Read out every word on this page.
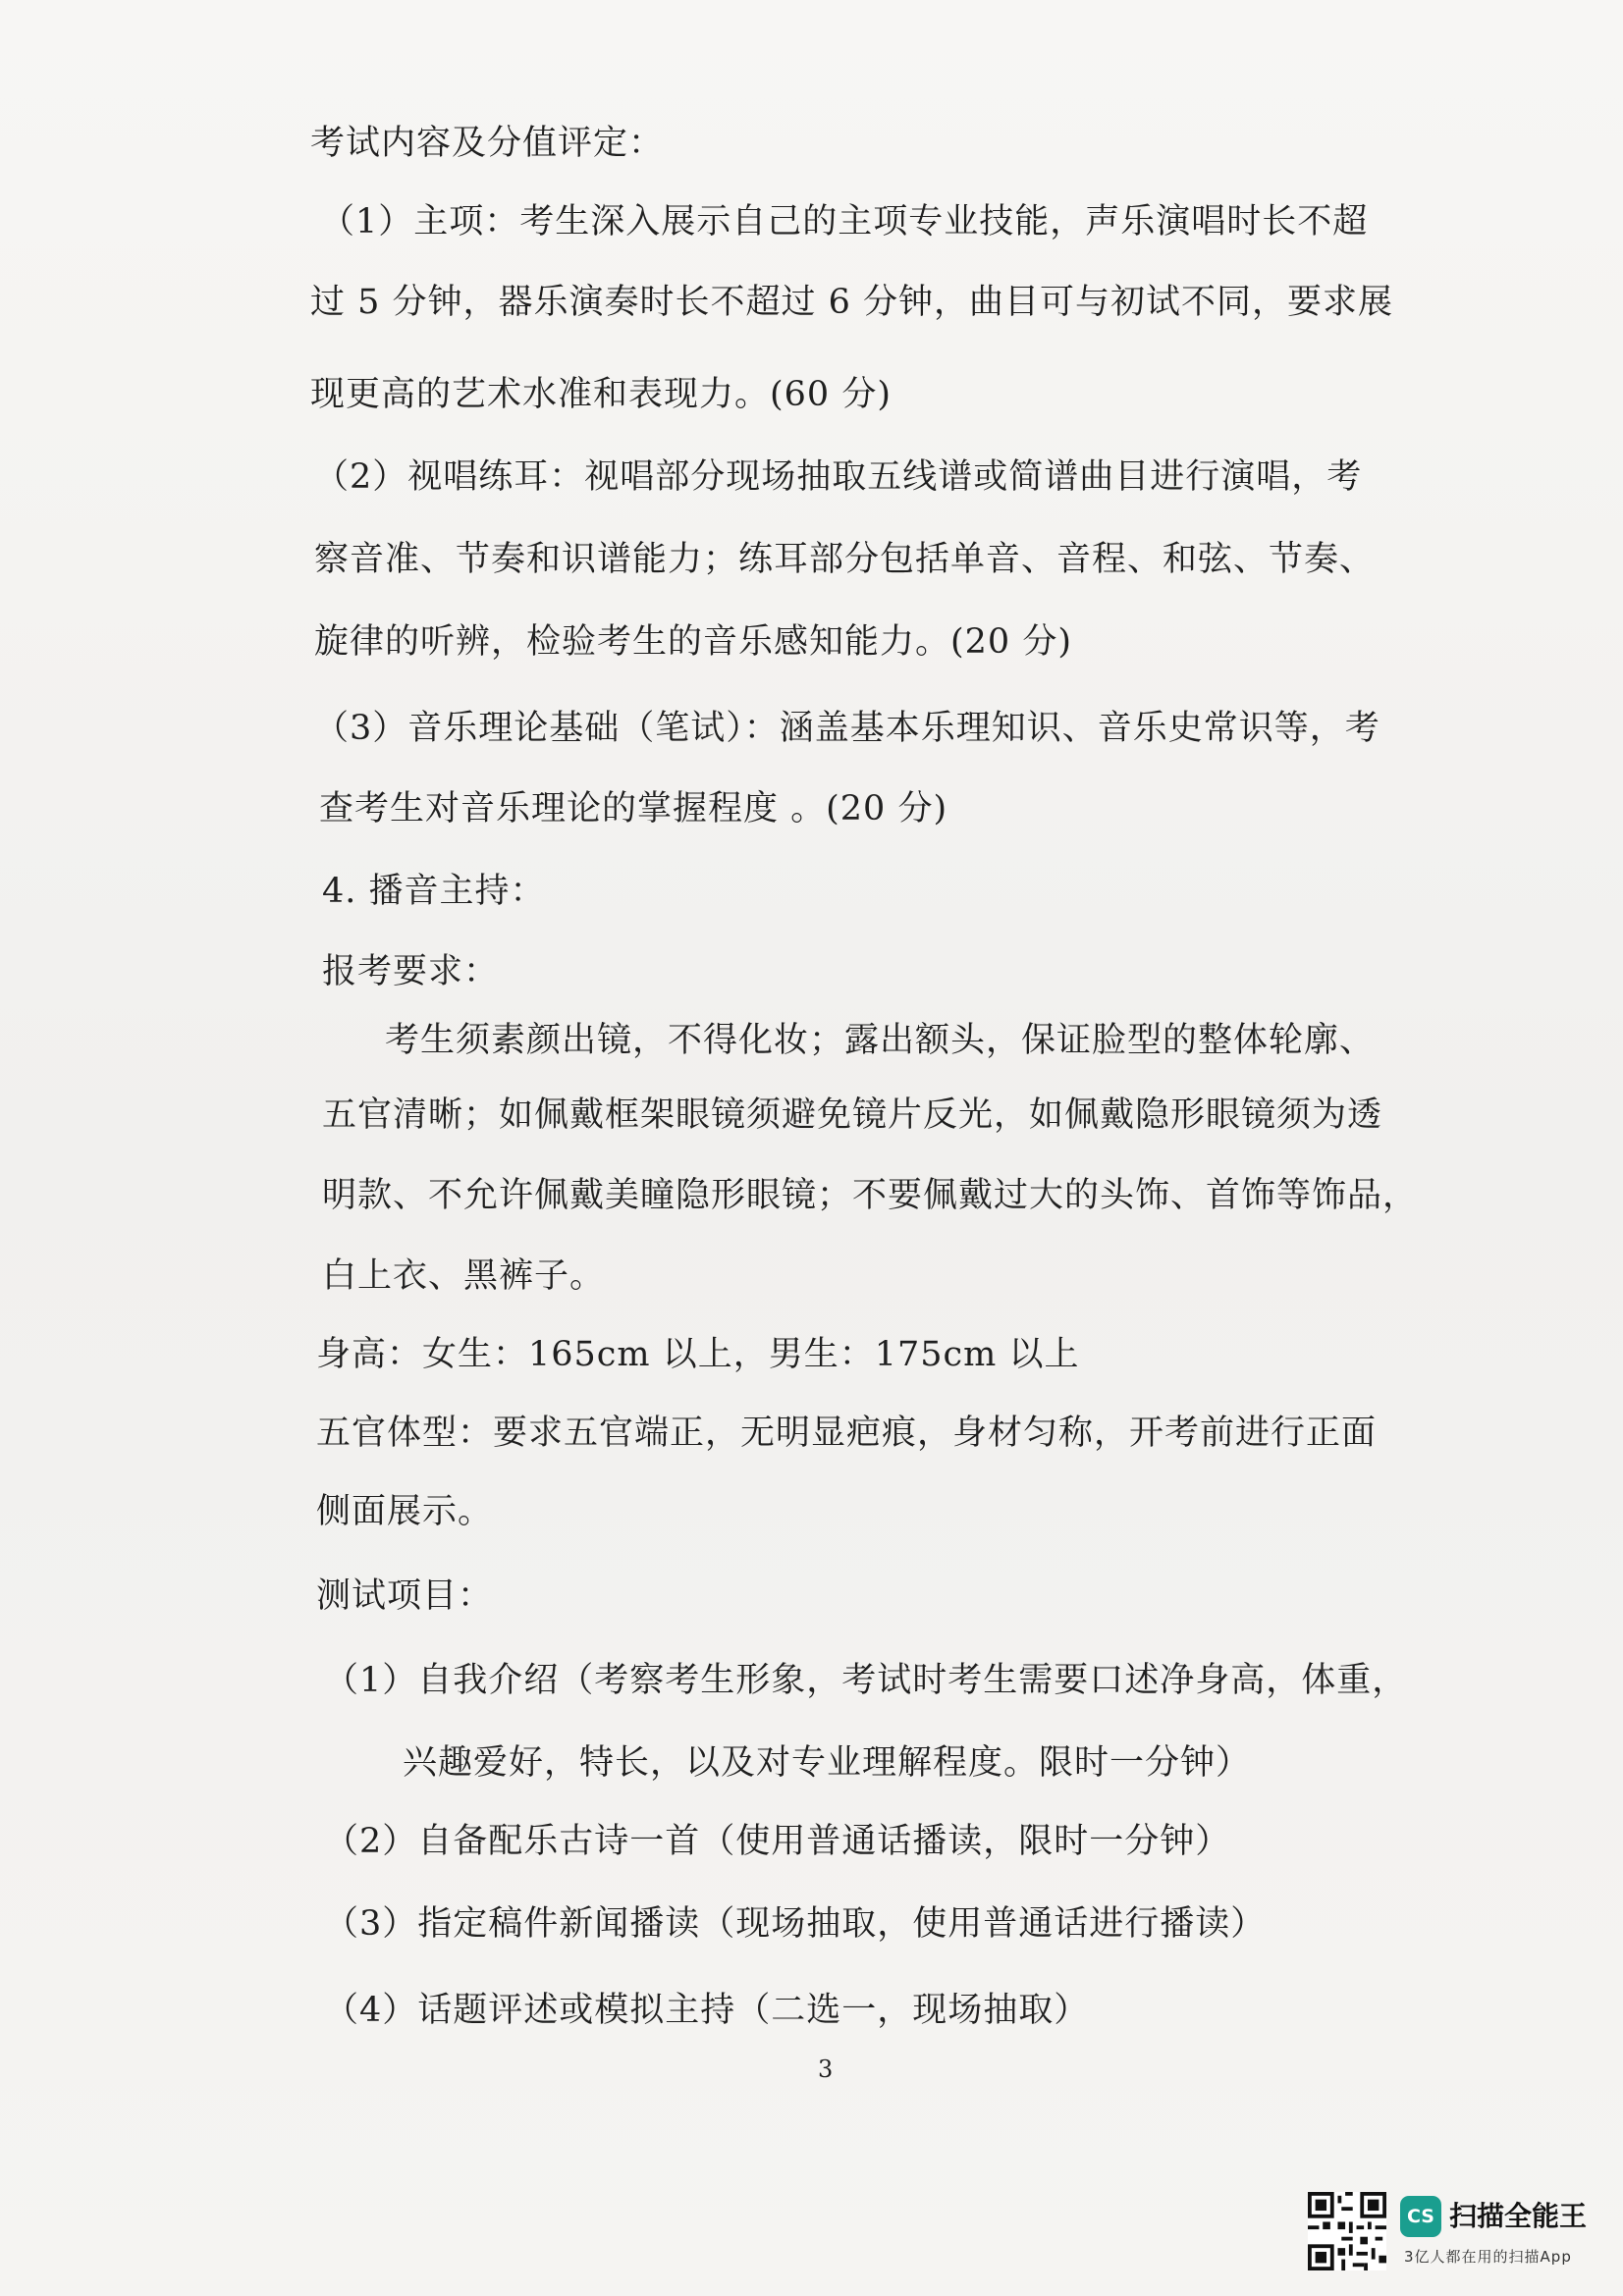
考试内容及分值评定：
（1）主项：考生深入展示自己的主项专业技能，声乐演唱时长不超
过 5 分钟，器乐演奏时长不超过 6 分钟，曲目可与初试不同，要求展
现更高的艺术水准和表现力。(60 分)
（2）视唱练耳：视唱部分现场抽取五线谱或简谱曲目进行演唱，考
察音准、节奏和识谱能力；练耳部分包括单音、音程、和弦、节奏、
旋律的听辨，检验考生的音乐感知能力。(20 分)
（3）音乐理论基础（笔试）：涵盖基本乐理知识、音乐史常识等，考
查考生对音乐理论的掌握程度 。(20 分)
4. 播音主持：
报考要求：
考生须素颜出镜，不得化妆；露出额头，保证脸型的整体轮廓、
五官清晰；如佩戴框架眼镜须避免镜片反光，如佩戴隐形眼镜须为透
明款、不允许佩戴美瞳隐形眼镜；不要佩戴过大的头饰、首饰等饰品，
白上衣、黑裤子。
身高：女生：165cm 以上，男生：175cm 以上
五官体型：要求五官端正，无明显疤痕，身材匀称，开考前进行正面
侧面展示。
测试项目：
（1）自我介绍（考察考生形象，考试时考生需要口述净身高，体重，
兴趣爱好，特长，以及对专业理解程度。限时一分钟）
（2）自备配乐古诗一首（使用普通话播读，限时一分钟）
（3）指定稿件新闻播读（现场抽取，使用普通话进行播读）
（4）话题评述或模拟主持（二选一，现场抽取）
3
CS 扫描全能王
3亿人都在用的扫描App
